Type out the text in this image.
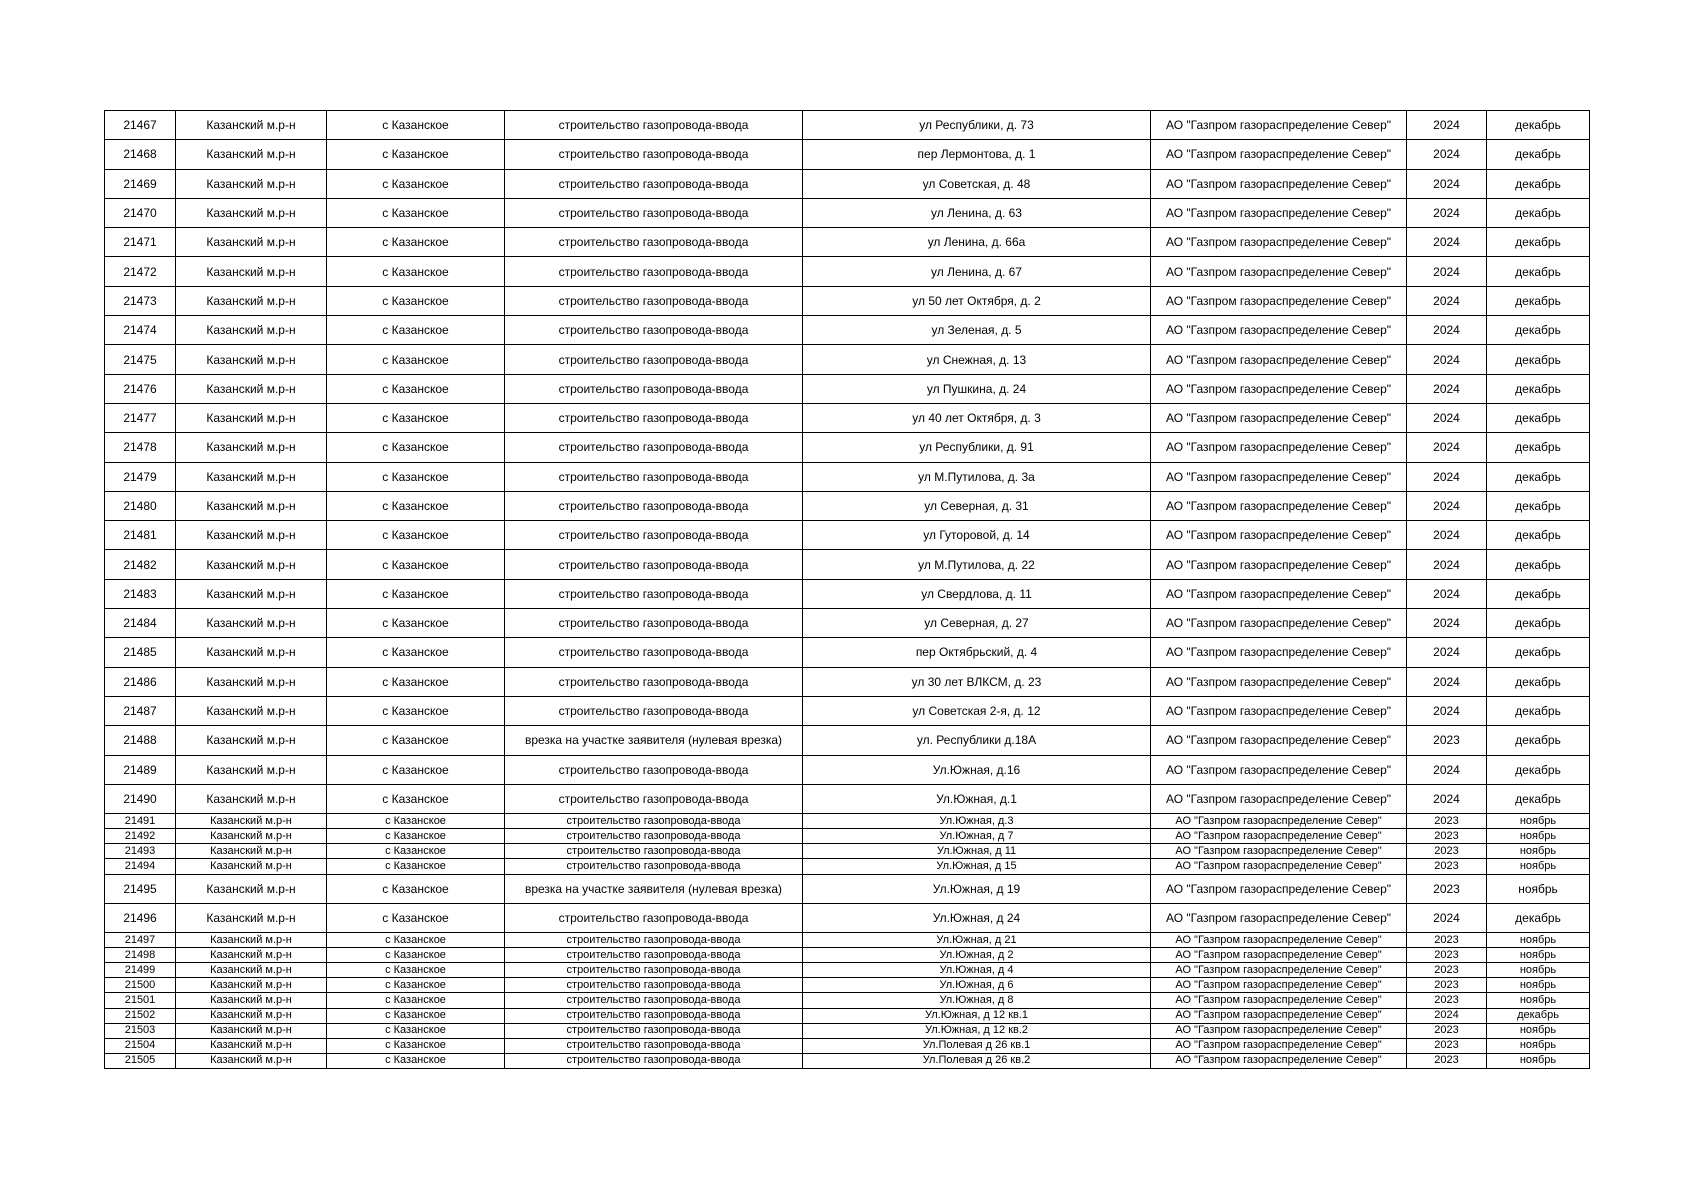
21467	Казанский м.р-н	с Казанское	строительство газопровода-ввода	ул Республики, д. 73	АО "Газпром газораспределение Север"	2024	декабрь
21468	Казанский м.р-н	с Казанское	строительство газопровода-ввода	пер Лермонтова, д. 1	АО "Газпром газораспределение Север"	2024	декабрь
21469	Казанский м.р-н	с Казанское	строительство газопровода-ввода	ул Советская, д. 48	АО "Газпром газораспределение Север"	2024	декабрь
21470	Казанский м.р-н	с Казанское	строительство газопровода-ввода	ул Ленина, д. 63	АО "Газпром газораспределение Север"	2024	декабрь
21471	Казанский м.р-н	с Казанское	строительство газопровода-ввода	ул Ленина, д. 66а	АО "Газпром газораспределение Север"	2024	декабрь
21472	Казанский м.р-н	с Казанское	строительство газопровода-ввода	ул Ленина, д. 67	АО "Газпром газораспределение Север"	2024	декабрь
21473	Казанский м.р-н	с Казанское	строительство газопровода-ввода	ул 50 лет Октября, д. 2	АО "Газпром газораспределение Север"	2024	декабрь
21474	Казанский м.р-н	с Казанское	строительство газопровода-ввода	ул Зеленая, д. 5	АО "Газпром газораспределение Север"	2024	декабрь
21475	Казанский м.р-н	с Казанское	строительство газопровода-ввода	ул Снежная, д. 13	АО "Газпром газораспределение Север"	2024	декабрь
21476	Казанский м.р-н	с Казанское	строительство газопровода-ввода	ул Пушкина, д. 24	АО "Газпром газораспределение Север"	2024	декабрь
21477	Казанский м.р-н	с Казанское	строительство газопровода-ввода	ул 40 лет Октября, д. 3	АО "Газпром газораспределение Север"	2024	декабрь
21478	Казанский м.р-н	с Казанское	строительство газопровода-ввода	ул Республики, д. 91	АО "Газпром газораспределение Север"	2024	декабрь
21479	Казанский м.р-н	с Казанское	строительство газопровода-ввода	ул М.Путилова, д. 3а	АО "Газпром газораспределение Север"	2024	декабрь
21480	Казанский м.р-н	с Казанское	строительство газопровода-ввода	ул Северная, д. 31	АО "Газпром газораспределение Север"	2024	декабрь
21481	Казанский м.р-н	с Казанское	строительство газопровода-ввода	ул Гуторовой, д. 14	АО "Газпром газораспределение Север"	2024	декабрь
21482	Казанский м.р-н	с Казанское	строительство газопровода-ввода	ул М.Путилова, д. 22	АО "Газпром газораспределение Север"	2024	декабрь
21483	Казанский м.р-н	с Казанское	строительство газопровода-ввода	ул Свердлова, д. 11	АО "Газпром газораспределение Север"	2024	декабрь
21484	Казанский м.р-н	с Казанское	строительство газопровода-ввода	ул Северная, д. 27	АО "Газпром газораспределение Север"	2024	декабрь
21485	Казанский м.р-н	с Казанское	строительство газопровода-ввода	пер Октябрьский, д. 4	АО "Газпром газораспределение Север"	2024	декабрь
21486	Казанский м.р-н	с Казанское	строительство газопровода-ввода	ул 30 лет ВЛКСМ, д. 23	АО "Газпром газораспределение Север"	2024	декабрь
21487	Казанский м.р-н	с Казанское	строительство газопровода-ввода	ул Советская 2-я, д. 12	АО "Газпром газораспределение Север"	2024	декабрь
21488	Казанский м.р-н	с Казанское	врезка на участке заявителя (нулевая врезка)	ул. Республики д.18А	АО "Газпром газораспределение Север"	2023	декабрь
21489	Казанский м.р-н	с Казанское	строительство газопровода-ввода	Ул.Южная, д.16	АО "Газпром газораспределение Север"	2024	декабрь
21490	Казанский м.р-н	с Казанское	строительство газопровода-ввода	Ул.Южная, д.1	АО "Газпром газораспределение Север"	2024	декабрь
21491	Казанский м.р-н	с Казанское	строительство газопровода-ввода	Ул.Южная, д.3	АО "Газпром газораспределение Север"	2023	ноябрь
21492	Казанский м.р-н	с Казанское	строительство газопровода-ввода	Ул.Южная, д 7	АО "Газпром газораспределение Север"	2023	ноябрь
21493	Казанский м.р-н	с Казанское	строительство газопровода-ввода	Ул.Южная, д 11	АО "Газпром газораспределение Север"	2023	ноябрь
21494	Казанский м.р-н	с Казанское	строительство газопровода-ввода	Ул.Южная, д 15	АО "Газпром газораспределение Север"	2023	ноябрь
21495	Казанский м.р-н	с Казанское	врезка на участке заявителя (нулевая врезка)	Ул.Южная, д 19	АО "Газпром газораспределение Север"	2023	ноябрь
21496	Казанский м.р-н	с Казанское	строительство газопровода-ввода	Ул.Южная, д 24	АО "Газпром газораспределение Север"	2024	декабрь
21497	Казанский м.р-н	с Казанское	строительство газопровода-ввода	Ул.Южная, д 21	АО "Газпром газораспределение Север"	2023	ноябрь
21498	Казанский м.р-н	с Казанское	строительство газопровода-ввода	Ул.Южная, д 2	АО "Газпром газораспределение Север"	2023	ноябрь
21499	Казанский м.р-н	с Казанское	строительство газопровода-ввода	Ул.Южная, д 4	АО "Газпром газораспределение Север"	2023	ноябрь
21500	Казанский м.р-н	с Казанское	строительство газопровода-ввода	Ул.Южная, д 6	АО "Газпром газораспределение Север"	2023	ноябрь
21501	Казанский м.р-н	с Казанское	строительство газопровода-ввода	Ул.Южная, д 8	АО "Газпром газораспределение Север"	2023	ноябрь
21502	Казанский м.р-н	с Казанское	строительство газопровода-ввода	Ул.Южная, д 12 кв.1	АО "Газпром газораспределение Север"	2024	декабрь
21503	Казанский м.р-н	с Казанское	строительство газопровода-ввода	Ул.Южная, д 12 кв.2	АО "Газпром газораспределение Север"	2023	ноябрь
21504	Казанский м.р-н	с Казанское	строительство газопровода-ввода	Ул.Полевая д 26 кв.1	АО "Газпром газораспределение Север"	2023	ноябрь
21505	Казанский м.р-н	с Казанское	строительство газопровода-ввода	Ул.Полевая д 26 кв.2	АО "Газпром газораспределение Север"	2023	ноябрь
